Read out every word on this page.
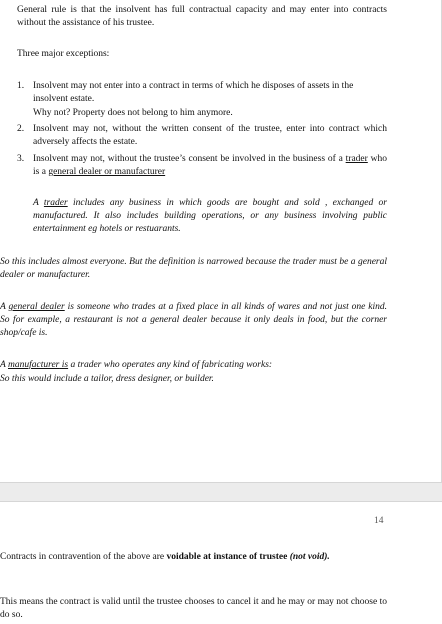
General rule is that the insolvent has full contractual capacity and may enter into contracts without the assistance of his trustee.

Three major exceptions:

1. Insolvent may not enter into a contract in terms of which he disposes of assets in the insolvent estate.

Why not? Property does not belong to him anymore.

2. Insolvent may not, without the written consent of the trustee, enter into contract which adversely affects the estate.

3. Insolvent may not, without the trustee’s consent be involved in the business of a trader who is a general dealer or manufacturer

A trader includes any business in which goods are bought and sold , exchanged or manufactured. It also includes building operations, or any business involving public entertainment eg hotels or restuarants.

So this includes almost everyone. But the definition is narrowed because the trader must be a general dealer or manufacturer.

A general dealer is someone who trades at a fixed place in all kinds of wares and not just one kind. So for example, a restaurant is not a general dealer because it only deals in food, but the corner shop/cafe is.

A manufacturer is a trader who operates any kind of fabricating works:

So this would include a tailor, dress designer, or builder.

14

Contracts in contravention of the above are voidable at instance of trustee (not void).

This means the contract is valid until the trustee chooses to cancel it and he may or may not choose to do so.
